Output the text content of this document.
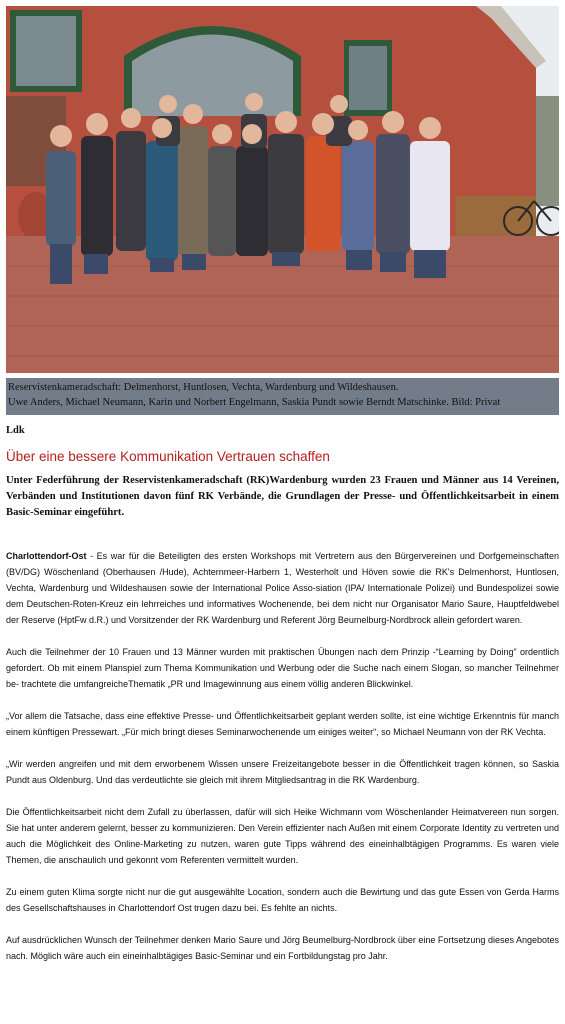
Reservistenkameradschaft: Delmenhorst, Huntlosen, Vechta, Wardenburg und Wildeshausen.
Uwe Anders, Michael Neumann, Karin und Norbert Engelmann, Saskia Pundt sowie Berndt Matschinke. Bild: Privat
Ldk
Über eine bessere Kommunikation Vertrauen schaffen
Unter Federführung der Reservistenkameradschaft (RK)Wardenburg wurden 23 Frauen und Männer aus 14 Vereinen, Verbänden und Institutionen davon fünf RK Verbände, die Grundlagen der Presse- und Öffentlichkeitsarbeit in einem Basic-Seminar eingeführt.

Charlottendorf-Ost - Es war für die Beteiligten des ersten Workshops mit Vertretern aus den Bürgervereinen und Dorfgemeinschaften (BV/DG) Wöschenland (Oberhausen /Hude), Achternmeer-Harbern 1, Westerholt und Höven sowie die RK's Delmenhorst, Huntlosen, Vechta, Wardenburg und Wildeshausen sowie der International Police Asso-siation (IPA/ Internationale Polizei) und Bundespolizei sowie dem Deutschen-Roten-Kreuz ein lehrreiches und informatives Wochenende, bei dem nicht nur Organisator Mario Saure, Hauptfeldwebel der Reserve (HptFw d.R.) und Vorsitzender der RK Wardenburg und Referent Jörg Beumelburg-Nordbrock allein gefordert waren.

Auch die Teilnehmer der 10 Frauen und 13 Männer wurden mit praktischen Übungen nach dem Prinzip -“Learning by Doing” ordentlich gefordert. Ob mit einem Planspiel zum Thema Kommunikation und Werbung oder die Suche nach einem Slogan, so mancher Teilnehmer be- trachtete die umfangreicheThematik „PR und Imagewinnung aus einem völlig anderen Blickwinkel.

„Vor allem die Tatsache, dass eine effektive Presse- und Öffentlichkeitsarbeit geplant werden sollte, ist eine wichtige Erkenntnis für manch einem künftigen Pressewart. „Für mich bringt dieses Seminarwochenende um einiges weiter“, so Michael Neumann von der RK Vechta.

„Wir werden angreifen und mit dem erworbenem Wissen unsere Freizeitangebote besser in die Öffentlichkeit tragen können, so Saskia Pundt aus Oldenburg. Und das verdeutlichte sie gleich mit ihrem Mitgliedsantrag in die RK Wardenburg.

Die Öffentlichkeitsarbeit nicht dem Zufall zu überlassen, dafür will sich Heike Wichmann vom Wöschenlander Heimatvereen nun sorgen. Sie hat unter anderem gelernt, besser zu kommunizieren. Den Verein effizienter nach Außen mit einem Corporate Identity zu vertreten und auch die Möglichkeit des Online-Marketing zu nutzen, waren gute Tipps während des eineinhalbtägigen Programms. Es waren viele Themen, die anschaulich und gekonnt vom Referenten vermittelt wurden.

Zu einem guten Klima sorgte nicht nur die gut ausgewählte Location, sondern auch die Bewirtung und das gute Essen von Gerda Harms des Gesellschaftshauses in Charlottendorf Ost trugen dazu bei. Es fehlte an nichts.

Auf ausdrücklichen Wunsch der Teilnehmer denken Mario Saure und Jörg Beumelburg-Nordbrock über eine Fortsetzung dieses Angebotes nach. Möglich wäre auch ein eineinhalbtägiges Basic-Seminar und ein Fortbildungstag pro Jahr.
